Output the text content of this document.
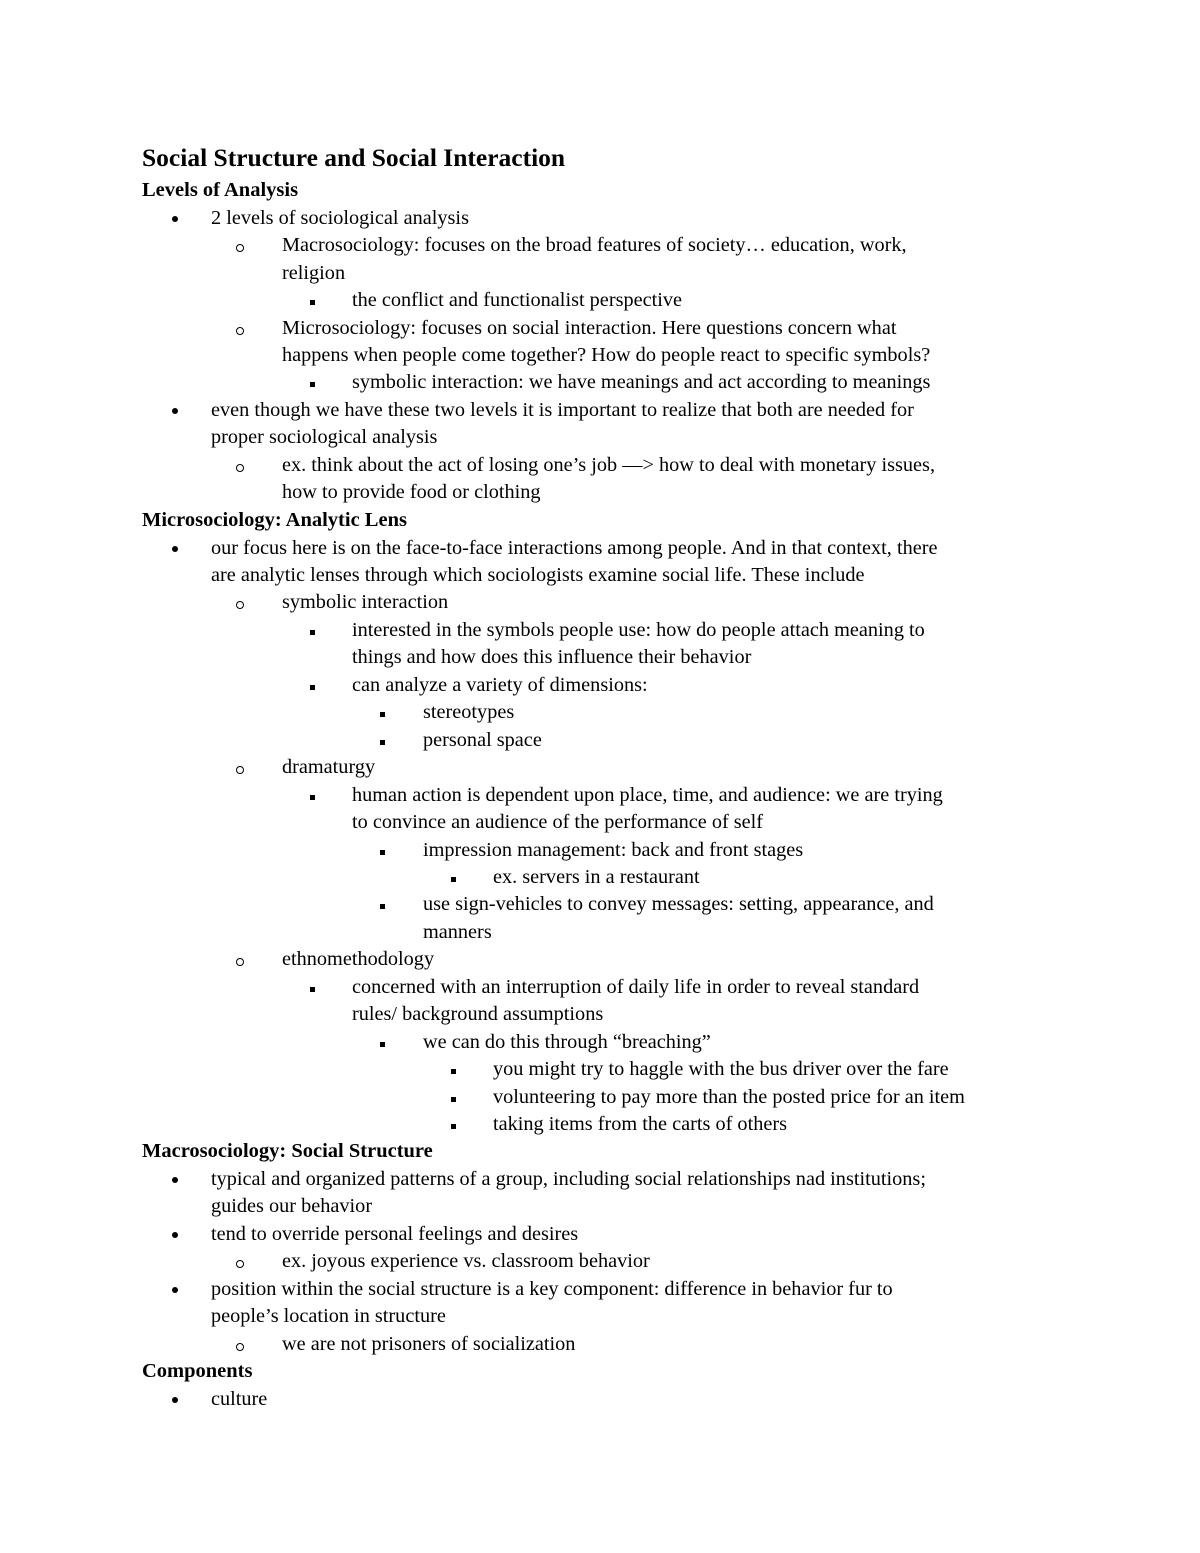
Social Structure and Social Interaction
Levels of Analysis
2 levels of sociological analysis
Macrosociology: focuses on the broad features of society… education, work,
religion
the conflict and functionalist perspective
Microsociology: focuses on social interaction. Here questions concern what
happens when people come together? How do people react to specific symbols?
symbolic interaction: we have meanings and act according to meanings
even though we have these two levels it is important to realize that both are needed for
proper sociological analysis
ex. think about the act of losing one’s job —> how to deal with monetary issues,
how to provide food or clothing
Microsociology: Analytic Lens
our focus here is on the face-to-face interactions among people. And in that context, there
are analytic lenses through which sociologists examine social life. These include
symbolic interaction
interested in the symbols people use: how do people attach meaning to
things and how does this influence their behavior
can analyze a variety of dimensions:
stereotypes
personal space
dramaturgy
human action is dependent upon place, time, and audience: we are trying
to convince an audience of the performance of self
impression management: back and front stages
ex. servers in a restaurant
use sign-vehicles to convey messages: setting, appearance, and
manners
ethnomethodology
concerned with an interruption of daily life in order to reveal standard
rules/ background assumptions
we can do this through “breaching”
you might try to haggle with the bus driver over the fare
volunteering to pay more than the posted price for an item
taking items from the carts of others
Macrosociology: Social Structure
typical and organized patterns of a group, including social relationships nad institutions;
guides our behavior
tend to override personal feelings and desires
ex. joyous experience vs. classroom behavior
position within the social structure is a key component: difference in behavior fur to
people’s location in structure
we are not prisoners of socialization
Components
culture
